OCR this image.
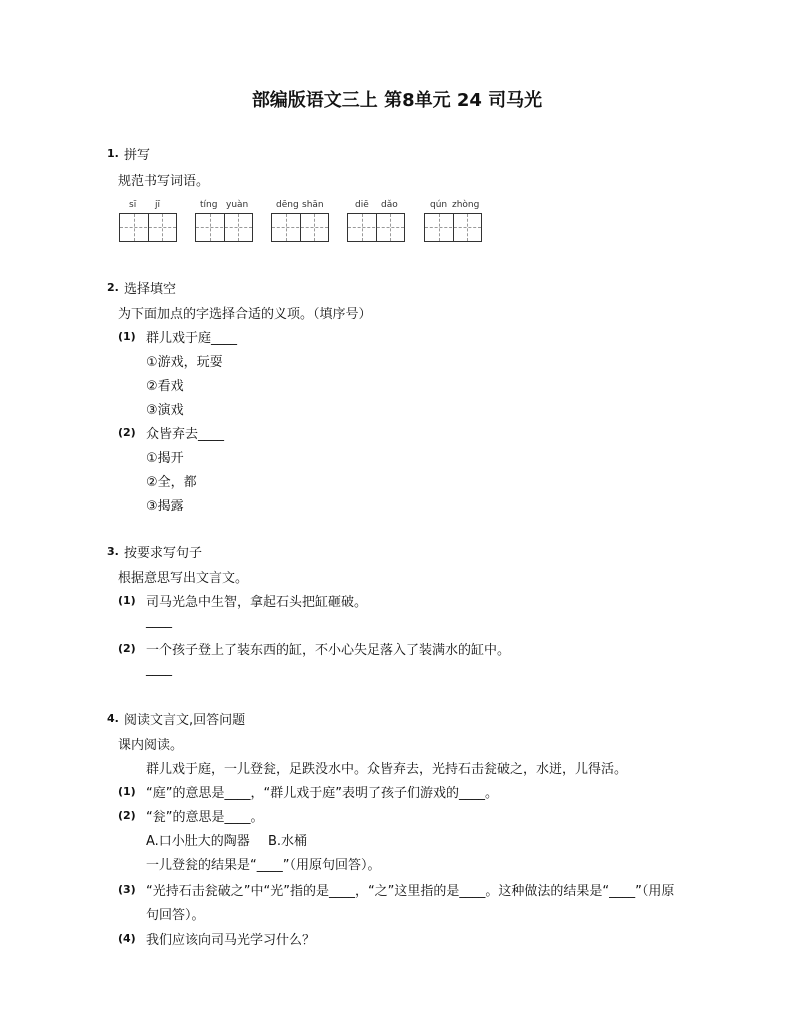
部编版语文三上 第8单元 24 司马光
1. 拼写
规范书写词语。
sī jī	tíng yuàn	dēng shān	diē dǎo	qún zhòng
2. 选择填空
为下面加点的字选择合适的义项。（填序号）
(1) 群儿戏于庭____
①游戏，玩耍
②看戏
③演戏
(2) 众皆弃去____
①揭开
②全，都
③揭露
3. 按要求写句子
根据意思写出文言文。
(1) 司马光急中生智，拿起石头把缸砸破。
____
(2) 一个孩子登上了装东西的缸，不小心失足落入了装满水的缸中。
____
4. 阅读文言文,回答问题
课内阅读。
群儿戏于庭，一儿登瓮，足跌没水中。众皆弃去，光持石击瓮破之，水迸，儿得活。
(1) “庭”的意思是____，“群儿戏于庭”表明了孩子们游戏的____。
(2) “瓮”的意思是____。
A.口小肚大的陶器 B.水桶
一儿登瓮的结果是“____”（用原句回答）。
(3) “光持石击瓮破之”中“光”指的是____，“之”这里指的是____。这种做法的结果是“____”（用原
句回答）。
(4) 我们应该向司马光学习什么？
